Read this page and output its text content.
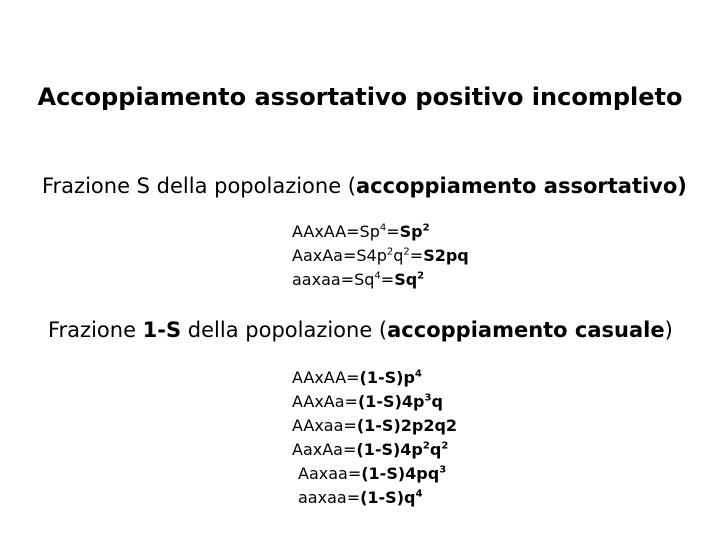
Accoppiamento assortativo positivo incompleto
Frazione S della popolazione (accoppiamento assortativo)
$AAxAA=Sp^4=Sp^2$
$AaxAa=S4p^2q^2=S2pq$
$aaxaa=Sq^4=Sq^2$
Frazione 1-S della popolazione (accoppiamento casuale)
$AAxAA=(1-S)p^4$
$AAxAa=(1-S)4p^3q$
AAxaa=(1-S)2p2q2
$AaxAa=(1-S)4p^2q^2$
$Aaxaa=(1-S)4pq^3$
$aaxaa=(1-S)q^4$
